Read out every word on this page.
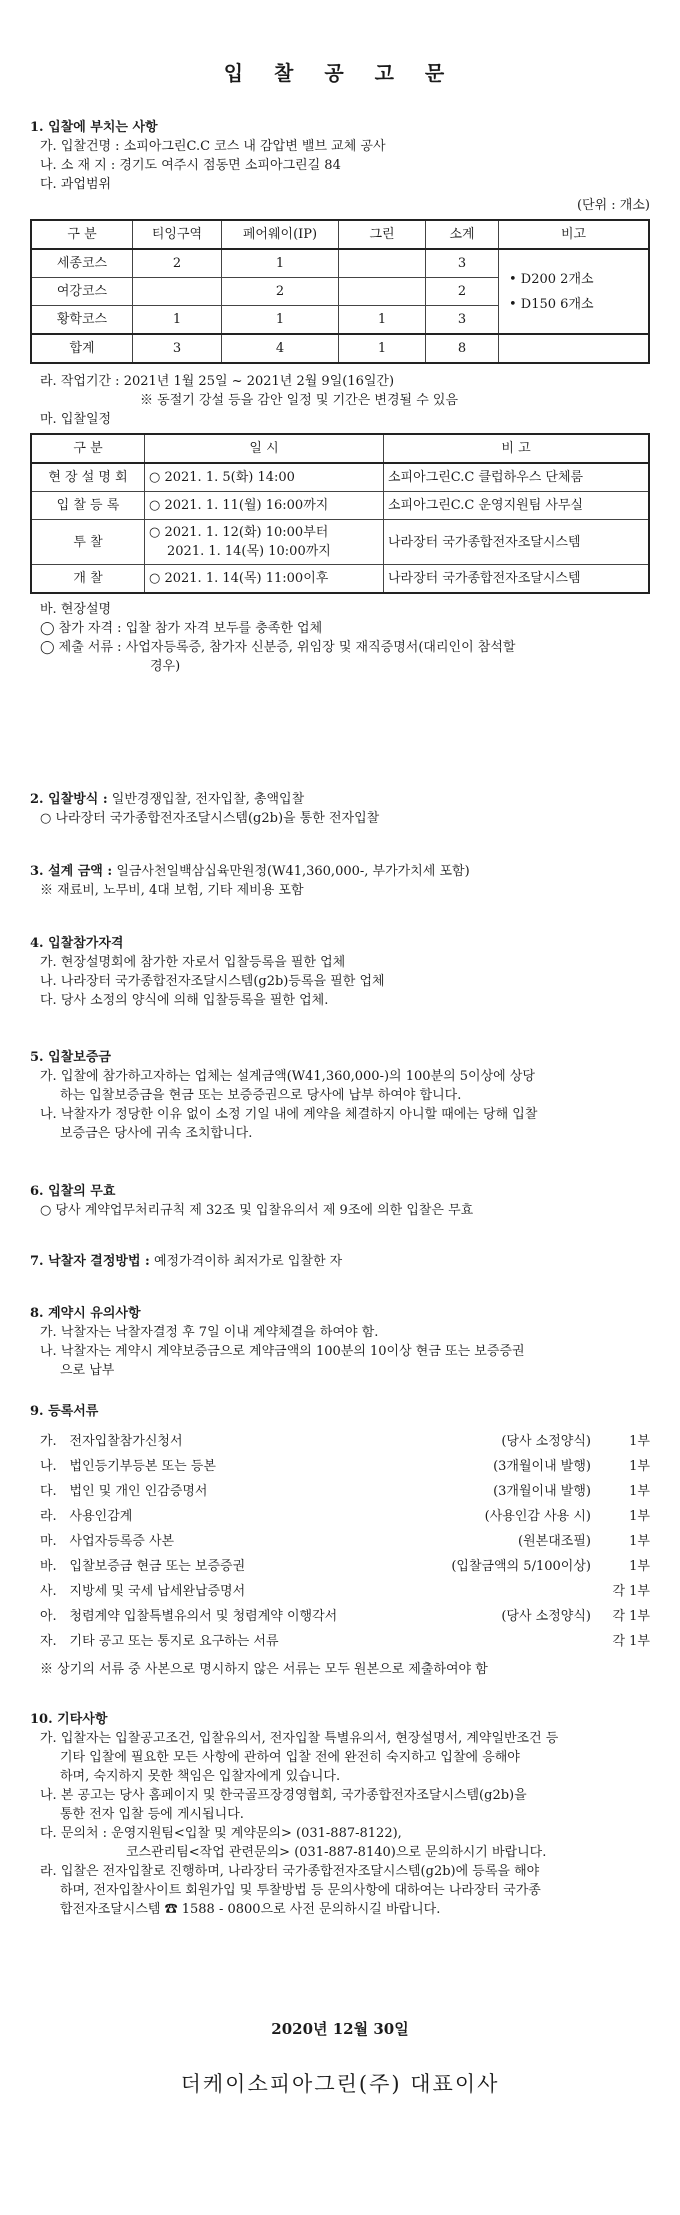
입 찰 공 고 문

1. 입찰에 부치는 사항

가. 입찰건명 : 소피아그린C.C 코스 내 감압변 밸브 교체 공사

나. 소 재 지 : 경기도 여주시 점동면 소피아그린길 84

다. 과업범위

(단위 : 개소)

구 분	티잉구역	페어웨이(IP)	그린	소계	비고
세종코스	2	1		3	• D200 2개소
• D150 6개소

여강코스		2		2	
황학코스	1	1	1	3	
합계	3	4	1	8	

라. 작업기간 : 2021년 1월 25일 ~ 2021년 2월 9일(16일간)

※ 동절기 강설 등을 감안 일정 및 기간은 변경될 수 있음

마. 입찰일정

구 분	일 시	비 고
현 장 설 명 회	○ 2021. 1. 5(화) 14:00	소피아그린C.C 클럽하우스 단체룸
입 찰 등 록	○ 2021. 1. 11(월) 16:00까지	소피아그린C.C 운영지원팀 사무실
투 찰	○ 2021. 1. 12(화) 10:00부터
2021. 1. 14(목) 10:00까지	나라장터 국가종합전자조달시스템
개 찰	○ 2021. 1. 14(목) 11:00이후	나라장터 국가종합전자조달시스템

바. 현장설명

◯ 참가 자격 : 입찰 참가 자격 보두를 충족한 업체

◯ 제출 서류 : 사업자등록증, 참가자 신분증, 위임장 및 재직증명서(대리인이 참석할

경우)

2. 입찰방식 : 일반경쟁입찰, 전자입찰, 총액입찰

○ 나라장터 국가종합전자조달시스템(g2b)을 통한 전자입찰

3. 설계 금액 : 일금사천일백삼십육만원정(W41,360,000-, 부가가치세 포함)

※ 재료비, 노무비, 4대 보험, 기타 제비용 포함

4. 입찰참가자격

가. 현장설명회에 참가한 자로서 입찰등록을 필한 업체

나. 나라장터 국가종합전자조달시스템(g2b)등록을 필한 업체

다. 당사 소정의 양식에 의해 입찰등록을 필한 업체.

5. 입찰보증금

가. 입찰에 참가하고자하는 업체는 설계금액(W41,360,000-)의 100분의 5이상에 상당

하는 입찰보증금을 현금 또는 보증증권으로 당사에 납부 하여야 합니다.

나. 낙찰자가 정당한 이유 없이 소정 기일 내에 계약을 체결하지 아니할 때에는 당해 입찰

보증금은 당사에 귀속 조치합니다.

6. 입찰의 무효

○ 당사 계약업무처리규칙 제 32조 및 입찰유의서 제 9조에 의한 입찰은 무효

7. 낙찰자 결정방법 : 예정가격이하 최저가로 입찰한 자

8. 계약시 유의사항

가. 낙찰자는 낙찰자결정 후 7일 이내 계약체결을 하여야 함.

나. 낙찰자는 계약시 계약보증금으로 계약금액의 100분의 10이상 현금 또는 보증증권

으로 납부

9. 등록서류

가. 전자입찰참가신청서	(당사 소정양식)	1부
나. 법인등기부등본 또는 등본	(3개월이내 발행)	1부
다. 법인 및 개인 인감증명서	(3개월이내 발행)	1부
라. 사용인감계	(사용인감 사용 시)	1부
마. 사업자등록증 사본	(원본대조필)	1부
바. 입찰보증금 현금 또는 보증증권	(입찰금액의 5/100이상)	1부
사. 지방세 및 국세 납세완납증명서	각 1부
아. 청렴계약 입찰특별유의서 및 청렴계약 이행각서	(당사 소정양식)	각 1부
자. 기타 공고 또는 통지로 요구하는 서류	각 1부

※ 상기의 서류 중 사본으로 명시하지 않은 서류는 모두 원본으로 제출하여야 함

10. 기타사항

가. 입찰자는 입찰공고조건, 입찰유의서, 전자입찰 특별유의서, 현장설명서, 계약일반조건 등

기타 입찰에 필요한 모든 사항에 관하여 입찰 전에 완전히 숙지하고 입찰에 응해야

하며, 숙지하지 못한 책임은 입찰자에게 있습니다.

나. 본 공고는 당사 홈페이지 및 한국골프장경영협회, 국가종합전자조달시스템(g2b)을

통한 전자 입찰 등에 게시됩니다.

다. 문의처 : 운영지원팀<입찰 및 계약문의> (031-887-8122),

코스관리팀<작업 관련문의> (031-887-8140)으로 문의하시기 바랍니다.

라. 입찰은 전자입찰로 진행하며, 나라장터 국가종합전자조달시스템(g2b)에 등록을 해야

하며, 전자입찰사이트 회원가입 및 투찰방법 등 문의사항에 대하여는 나라장터 국가종

합전자조달시스템 ☎ 1588 - 0800으로 사전 문의하시길 바랍니다.

2020년 12월 30일
더케이소피아그린(주) 대표이사
